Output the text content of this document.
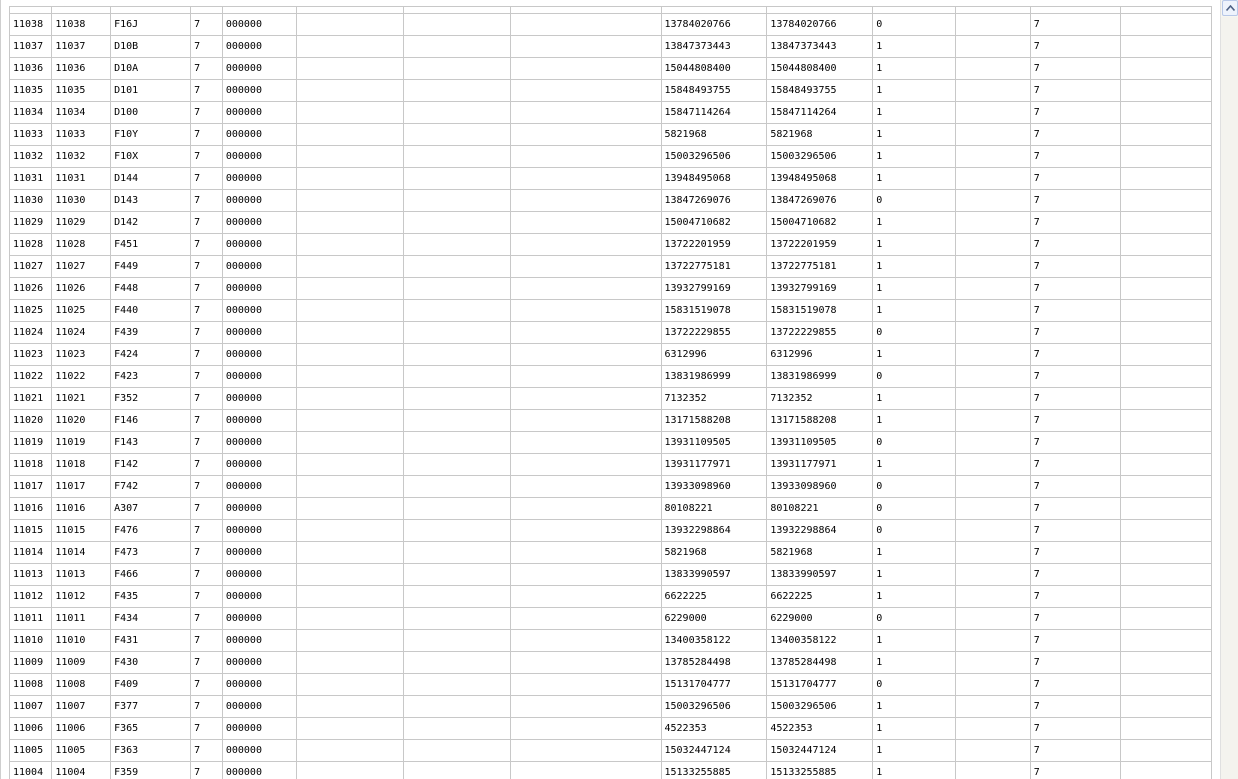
11038	11038	F16J	7	000000				13784020766	13784020766	0		7	
11037	11037	D10B	7	000000				13847373443	13847373443	1		7	
11036	11036	D10A	7	000000				15044808400	15044808400	1		7	
11035	11035	D101	7	000000				15848493755	15848493755	1		7	
11034	11034	D100	7	000000				15847114264	15847114264	1		7	
11033	11033	F10Y	7	000000				5821968	5821968	1		7	
11032	11032	F10X	7	000000				15003296506	15003296506	1		7	
11031	11031	D144	7	000000				13948495068	13948495068	1		7	
11030	11030	D143	7	000000				13847269076	13847269076	0		7	
11029	11029	D142	7	000000				15004710682	15004710682	1		7	
11028	11028	F451	7	000000				13722201959	13722201959	1		7	
11027	11027	F449	7	000000				13722775181	13722775181	1		7	
11026	11026	F448	7	000000				13932799169	13932799169	1		7	
11025	11025	F440	7	000000				15831519078	15831519078	1		7	
11024	11024	F439	7	000000				13722229855	13722229855	0		7	
11023	11023	F424	7	000000				6312996	6312996	1		7	
11022	11022	F423	7	000000				13831986999	13831986999	0		7	
11021	11021	F352	7	000000				7132352	7132352	1		7	
11020	11020	F146	7	000000				13171588208	13171588208	1		7	
11019	11019	F143	7	000000				13931109505	13931109505	0		7	
11018	11018	F142	7	000000				13931177971	13931177971	1		7	
11017	11017	F742	7	000000				13933098960	13933098960	0		7	
11016	11016	A307	7	000000				80108221	80108221	0		7	
11015	11015	F476	7	000000				13932298864	13932298864	0		7	
11014	11014	F473	7	000000				5821968	5821968	1		7	
11013	11013	F466	7	000000				13833990597	13833990597	1		7	
11012	11012	F435	7	000000				6622225	6622225	1		7	
11011	11011	F434	7	000000				6229000	6229000	0		7	
11010	11010	F431	7	000000				13400358122	13400358122	1		7	
11009	11009	F430	7	000000				13785284498	13785284498	1		7	
11008	11008	F409	7	000000				15131704777	15131704777	0		7	
11007	11007	F377	7	000000				15003296506	15003296506	1		7	
11006	11006	F365	7	000000				4522353	4522353	1		7	
11005	11005	F363	7	000000				15032447124	15032447124	1		7	
11004	11004	F359	7	000000				15133255885	15133255885	1		7	
